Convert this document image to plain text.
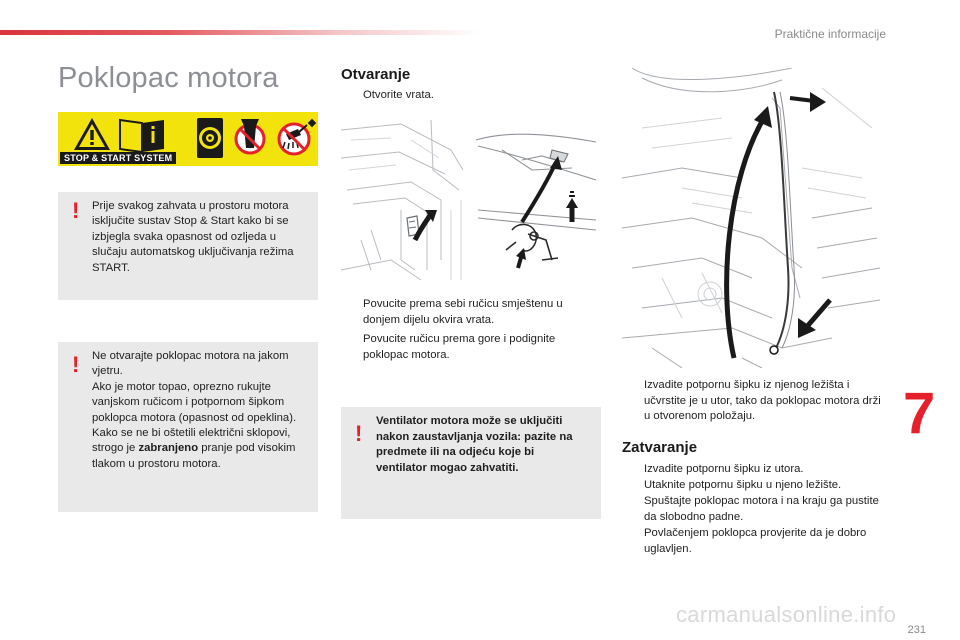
Praktične informacije
Poklopac motora
STOP & START SYSTEM
! Prije svakog zahvata u prostoru motora isključite sustav Stop & Start kako bi se izbjegla svaka opasnost od ozljeda u slučaju automatskog uključivanja režima START.

! Ne otvarajte poklopac motora na jakom vjetru.
Ako je motor topao, oprezno rukujte vanjskom ručicom i potpornom šipkom poklopca motora (opasnost od opeklina).
Kako se ne bi oštetili električni sklopovi, strogo je zabranjeno pranje pod visokim tlakom u prostoru motora.

Otvaranje
Otvorite vrata.
Povucite prema sebi ručicu smještenu u donjem dijelu okvira vrata.
Povucite ručicu prema gore i podignite poklopac motora.
! Ventilator motora može se uključiti nakon zaustavljanja vozila: pazite na predmete ili na odjeću koje bi ventilator mogao zahvatiti.

Izvadite potpornu šipku iz njenog ležišta i učvrstite je u utor, tako da poklopac motora drži u otvorenom položaju.
Zatvaranje
Izvadite potpornu šipku iz utora.
Utaknite potpornu šipku u njeno ležište.
Spuštajte poklopac motora i na kraju ga pustite da slobodno padne.
Povlačenjem poklopca provjerite da je dobro uglavljen.
7
carmanualsonline.info
231
